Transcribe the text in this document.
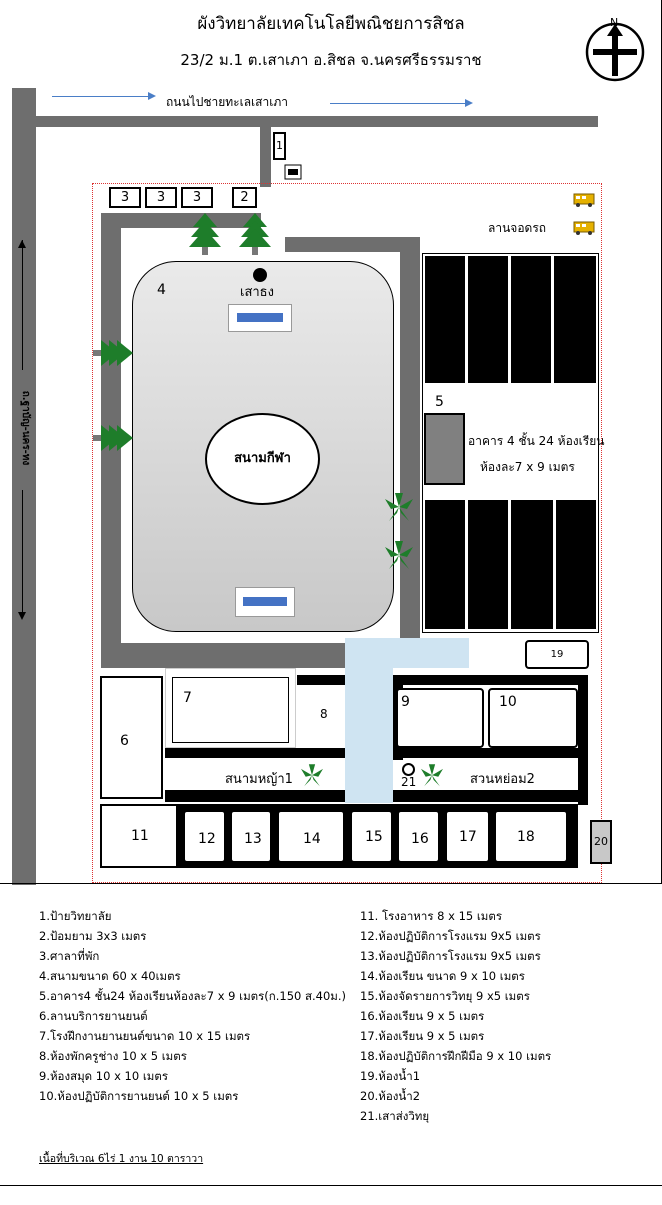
ผังวิทยาลัยเทคโนโลยีพณิชยการสิชล
23/2 ม.1 ต.เสาเภา อ.สิชล จ.นครศรีธรรมราช
N
ถนนไปชายทะเลเสาเภา
ถ.ฐาบัญ-นคร-ทง
1
3	3	3	2
4	เสาธง
สนามกีฬา
ลานจอดรถ
5
อาคาร 4 ชั้น 24 ห้องเรียน
ห้องละ7 x 9 เมตร
19
6
7
8
สนามหญ้า1
9	10
21	สวนหย่อม2
11	12 13	14	15 16 17	18	20
1.ป้ายวิทยาลัย
2.ป้อมยาม 3x3 เมตร
3.ศาลาที่พัก
4.สนามขนาด 60 x 40เมตร
5.อาคาร4 ชั้น24 ห้องเรียนห้องละ7 x 9 เมตร(ก.150 ส.40ม.)
6.ลานบริการยานยนต์
7.โรงฝึกงานยานยนต์ขนาด 10 x 15 เมตร
8.ห้องพักครูช่าง 10 x 5 เมตร
9.ห้องสมุด 10 x 10 เมตร
10.ห้องปฏิบัติการยานยนต์ 10 x 5 เมตร
11. โรงอาหาร 8 x 15 เมตร
12.ห้องปฏิบัติการโรงแรม 9x5 เมตร
13.ห้องปฏิบัติการโรงแรม 9x5 เมตร
14.ห้องเรียน ขนาด 9 x 10 เมตร
15.ห้องจัดรายการวิทยุ 9 x5 เมตร
16.ห้องเรียน 9 x 5 เมตร
17.ห้องเรียน 9 x 5 เมตร
18.ห้องปฏิบัติการฝึกฝีมือ 9 x 10 เมตร
19.ห้องน้ำ1
20.ห้องน้ำ2
21.เสาส่งวิทยุ
เนื้อที่บริเวณ 6ไร่ 1 งาน 10 ตาราวา
